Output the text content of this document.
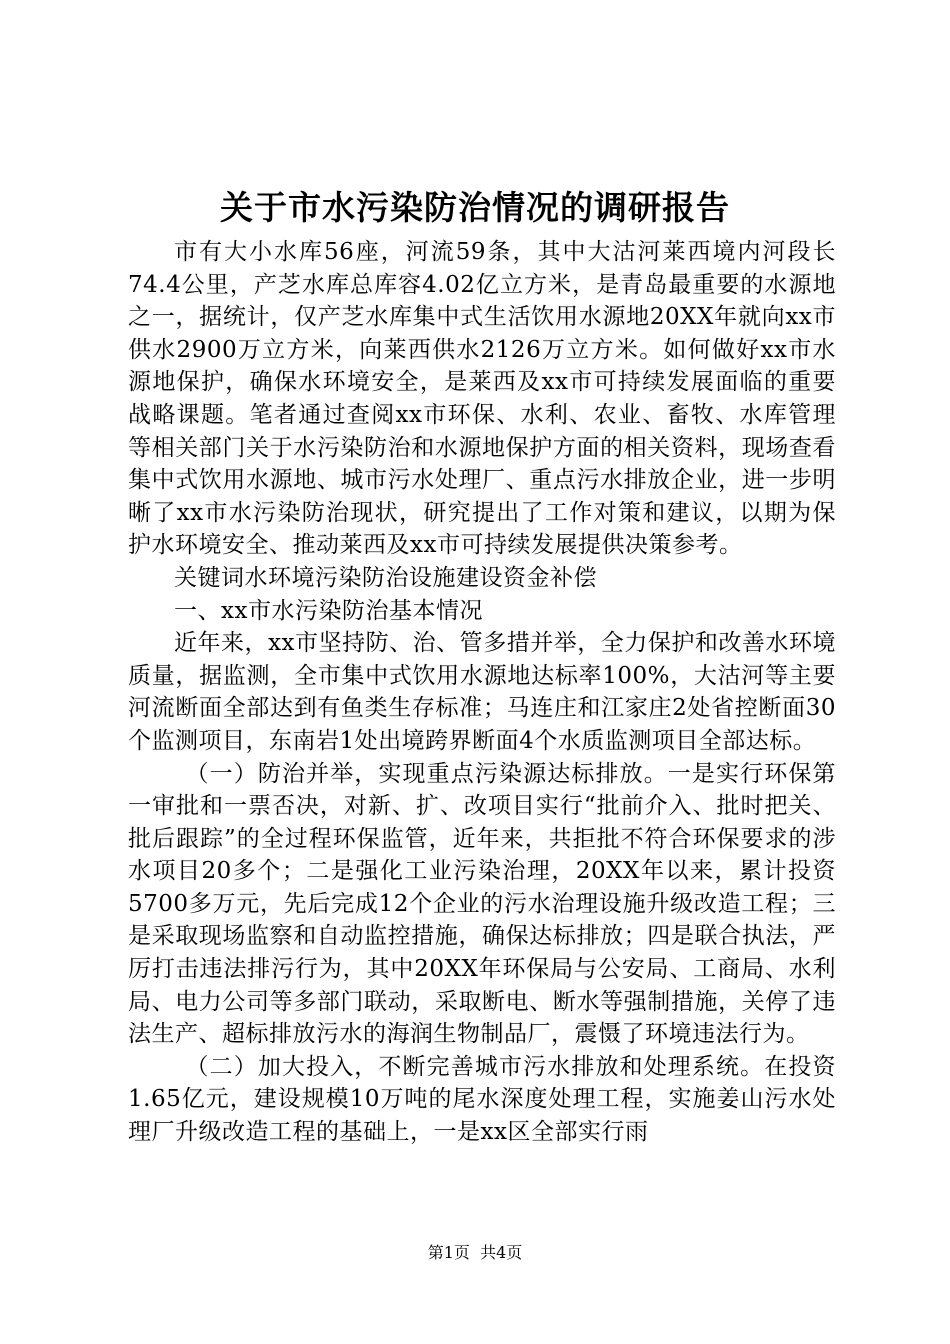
关于市水污染防治情况的调研报告

市有大小水库56座，河流59条，其中大沽河莱西境内河段长74.4公里，产芝水库总库容4.02亿立方米，是青岛最重要的水源地之一，据统计，仅产芝水库集中式生活饮用水源地20XX年就向xx市供水2900万立方米，向莱西供水2126万立方米。如何做好xx市水源地保护，确保水环境安全，是莱西及xx市可持续发展面临的重要战略课题。笔者通过查阅xx市环保、水利、农业、畜牧、水库管理等相关部门关于水污染防治和水源地保护方面的相关资料，现场查看集中式饮用水源地、城市污水处理厂、重点污水排放企业，进一步明晰了xx市水污染防治现状，研究提出了工作对策和建议，以期为保护水环境安全、推动莱西及xx市可持续发展提供决策参考。

关键词水环境污染防治设施建设资金补偿

一、xx市水污染防治基本情况

近年来，xx市坚持防、治、管多措并举，全力保护和改善水环境质量，据监测，全市集中式饮用水源地达标率100%，大沽河等主要河流断面全部达到有鱼类生存标准；马连庄和江家庄2处省控断面30个监测项目，东南岩1处出境跨界断面4个水质监测项目全部达标。

（一）防治并举，实现重点污染源达标排放。一是实行环保第一审批和一票否决，对新、扩、改项目实行“批前介入、批时把关、批后跟踪”的全过程环保监管，近年来，共拒批不符合环保要求的涉水项目20多个；二是强化工业污染治理，20XX年以来，累计投资5700多万元，先后完成12个企业的污水治理设施升级改造工程；三是采取现场监察和自动监控措施，确保达标排放；四是联合执法，严厉打击违法排污行为，其中20XX年环保局与公安局、工商局、水利局、电力公司等多部门联动，采取断电、断水等强制措施，关停了违法生产、超标排放污水的海润生物制品厂，震慑了环境违法行为。

（二）加大投入，不断完善城市污水排放和处理系统。在投资1.65亿元，建设规模10万吨的尾水深度处理工程，实施姜山污水处理厂升级改造工程的基础上，一是xx区全部实行雨

第1页 共4页
